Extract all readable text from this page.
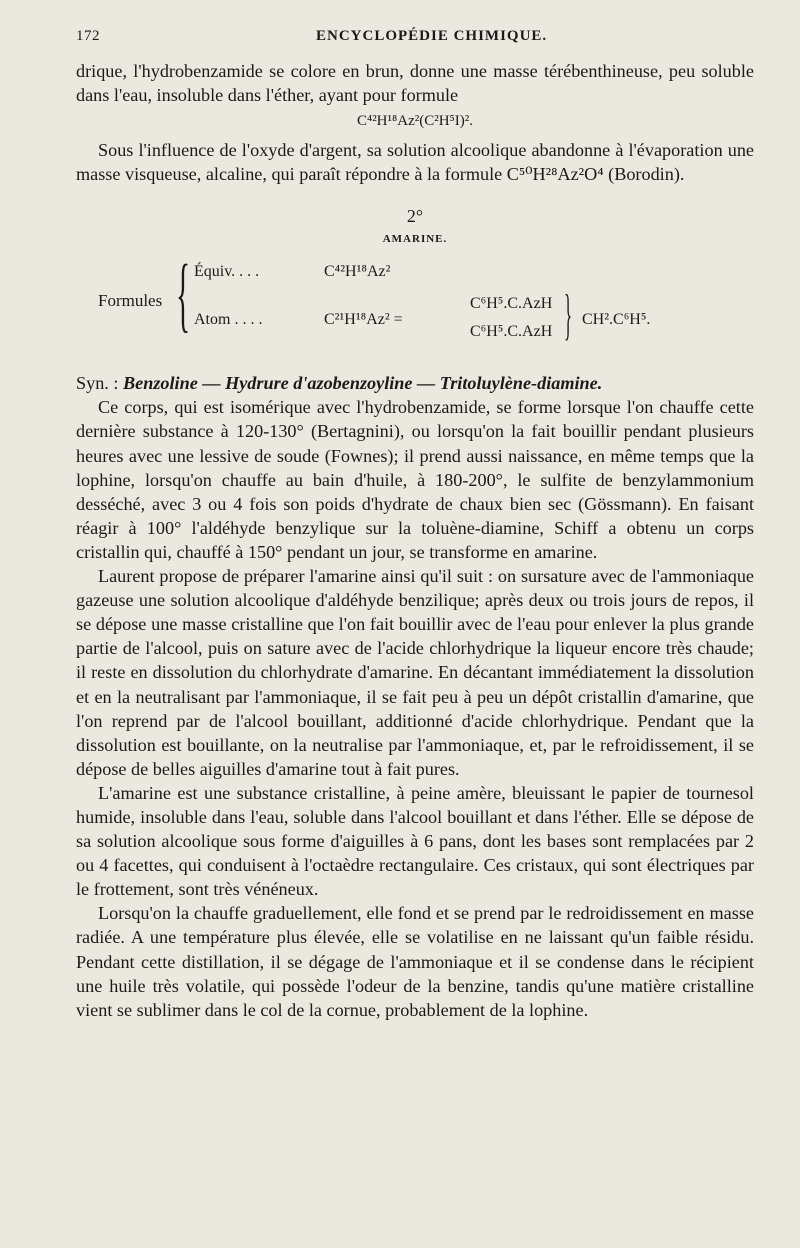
172	ENCYCLOPÉDIE CHIMIQUE.

drique, l'hydrobenzamide se colore en brun, donne une masse térébenthineuse, peu soluble dans l'eau, insoluble dans l'éther, ayant pour formule

C⁴²H¹⁸Az²(C²H⁵I)².

Sous l'influence de l'oxyde d'argent, sa solution alcoolique abandonne à l'évaporation une masse visqueuse, alcaline, qui paraît répondre à la formule C⁵⁰H²⁸Az²O⁴ (Borodin).

2°
AMARINE.
Formules { Équiv. . . .	C⁴²H¹⁸Az²
Atom . . . .	C²¹H¹⁸Az² =
C⁶H⁵.C.AzH
C⁶H⁵.C.AzH } CH².C⁶H⁵.
Syn. : Benzoline — Hydrure d'azobenzoyline — Tritoluylène-diamine.

Ce corps, qui est isomérique avec l'hydrobenzamide, se forme lorsque l'on chauffe cette dernière substance à 120-130° (Bertagnini), ou lorsqu'on la fait bouillir pendant plusieurs heures avec une lessive de soude (Fownes); il prend aussi naissance, en même temps que la lophine, lorsqu'on chauffe au bain d'huile, à 180-200°, le sulfite de benzylammonium desséché, avec 3 ou 4 fois son poids d'hydrate de chaux bien sec (Gössmann). En faisant réagir à 100° l'aldéhyde benzylique sur la toluène-diamine, Schiff a obtenu un corps cristallin qui, chauffé à 150° pendant un jour, se transforme en amarine.

Laurent propose de préparer l'amarine ainsi qu'il suit : on sursature avec de l'ammoniaque gazeuse une solution alcoolique d'aldéhyde benzilique; après deux ou trois jours de repos, il se dépose une masse cristalline que l'on fait bouillir avec de l'eau pour enlever la plus grande partie de l'alcool, puis on sature avec de l'acide chlorhydrique la liqueur encore très chaude; il reste en dissolution du chlorhydrate d'amarine. En décantant immédiatement la dissolution et en la neutralisant par l'ammoniaque, il se fait peu à peu un dépôt cristallin d'amarine, que l'on reprend par de l'alcool bouillant, additionné d'acide chlorhydrique. Pendant que la dissolution est bouillante, on la neutralise par l'ammoniaque, et, par le refroidissement, il se dépose de belles aiguilles d'amarine tout à fait pures.

L'amarine est une substance cristalline, à peine amère, bleuissant le papier de tournesol humide, insoluble dans l'eau, soluble dans l'alcool bouillant et dans l'éther. Elle se dépose de sa solution alcoolique sous forme d'aiguilles à 6 pans, dont les bases sont remplacées par 2 ou 4 facettes, qui conduisent à l'octaèdre rectangulaire. Ces cristaux, qui sont électriques par le frottement, sont très vénéneux.

Lorsqu'on la chauffe graduellement, elle fond et se prend par le redroidissement en masse radiée. A une température plus élevée, elle se volatilise en ne laissant qu'un faible résidu. Pendant cette distillation, il se dégage de l'ammoniaque et il se condense dans le récipient une huile très volatile, qui possède l'odeur de la benzine, tandis qu'une matière cristalline vient se sublimer dans le col de la cornue, probablement de la lophine.
